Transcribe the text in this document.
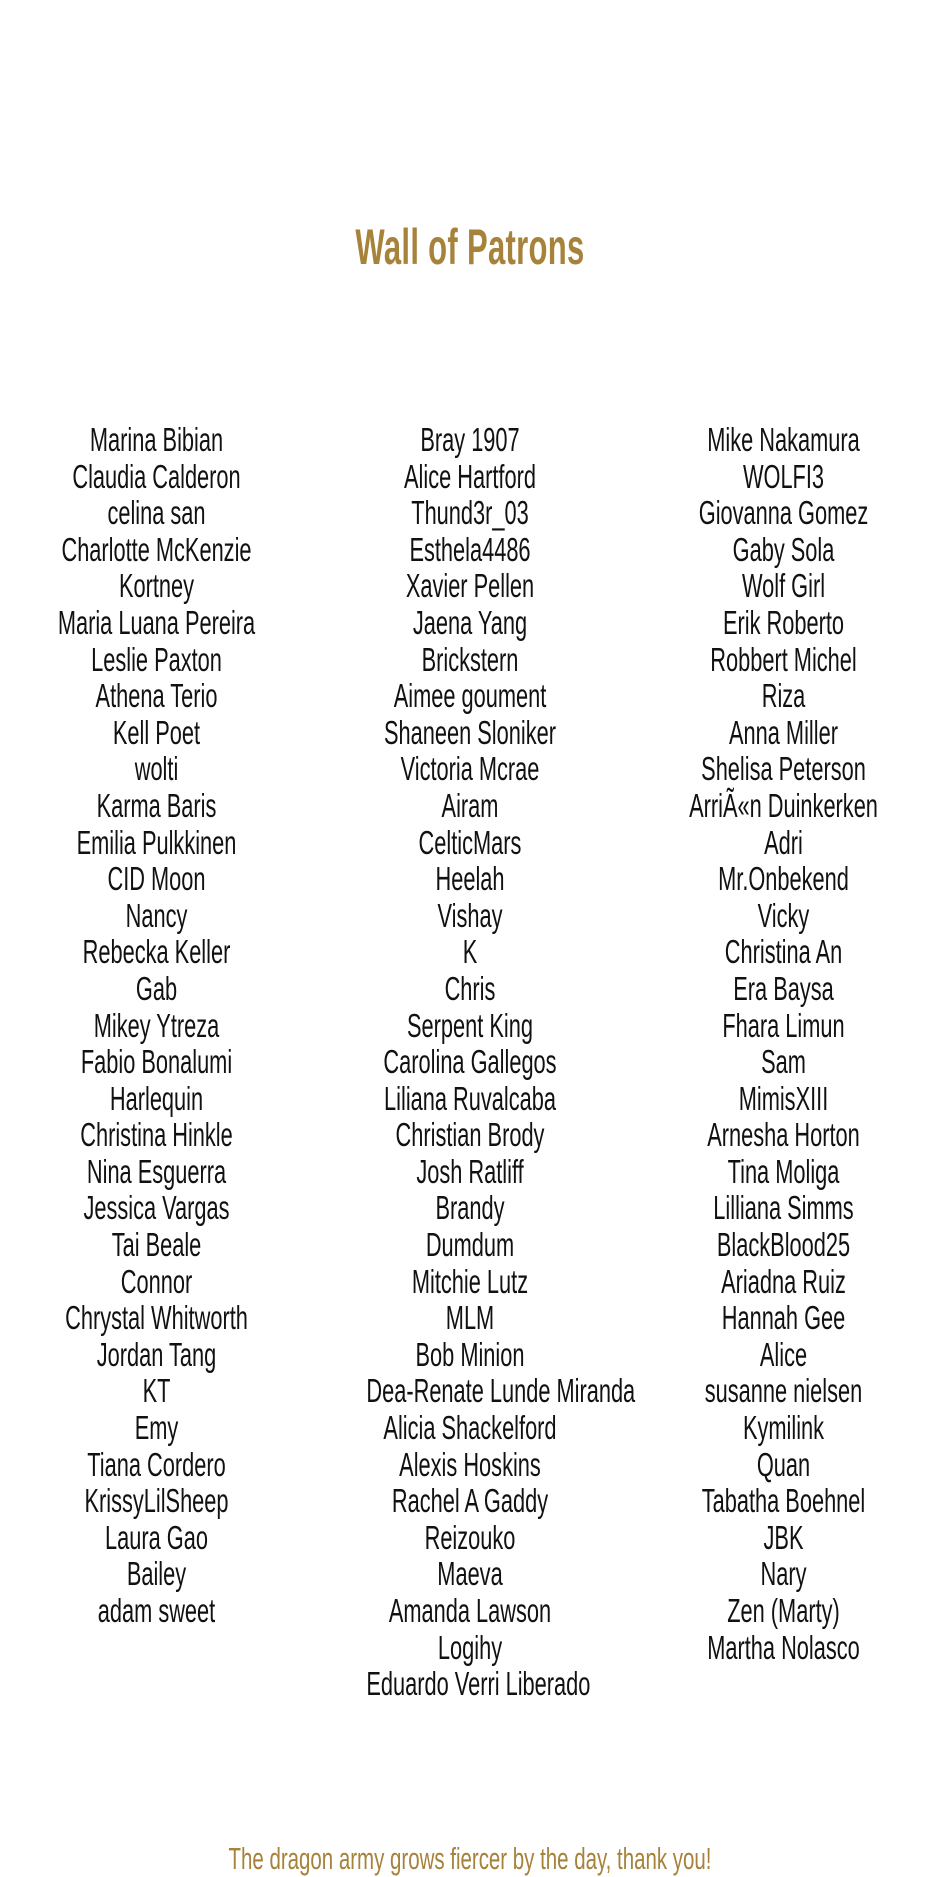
Wall of Patrons
Marina Bibian
Claudia Calderon
celina san
Charlotte McKenzie
Kortney
Maria Luana Pereira
Leslie Paxton
Athena Terio
Kell Poet
wolti
Karma Baris
Emilia Pulkkinen
CID Moon
Nancy
Rebecka Keller
Gab
Mikey Ytreza
Fabio Bonalumi
Harlequin
Christina Hinkle
Nina Esguerra
Jessica Vargas
Tai Beale
Connor
Chrystal Whitworth
Jordan Tang
KT
Emy
Tiana Cordero
KrissyLilSheep
Laura Gao
Bailey
adam sweet
Bray 1907
Alice Hartford
Thund3r_03
Esthela4486
Xavier Pellen
Jaena Yang
Brickstern
Aimee goument
Shaneen Sloniker
Victoria Mcrae
Airam
CelticMars
Heelah
Vishay
K
Chris
Serpent King
Carolina Gallegos
Liliana Ruvalcaba
Christian Brody
Josh Ratliff
Brandy
Dumdum
Mitchie Lutz
MLM
Bob Minion
Dea-Renate Lunde Miranda
Alicia Shackelford
Alexis Hoskins
Rachel A Gaddy
Reizouko
Maeva
Amanda Lawson
Logihy
Eduardo Verri Liberado
Mike Nakamura
WOLFI3
Giovanna Gomez
Gaby Sola
Wolf Girl
Erik Roberto
Robbert Michel
Riza
Anna Miller
Shelisa Peterson
ArriÃ«n Duinkerken
Adri
Mr.Onbekend
Vicky
Christina An
Era Baysa
Fhara Limun
Sam
MimisXIII
Arnesha Horton
Tina Moliga
Lilliana Simms
BlackBlood25
Ariadna Ruiz
Hannah Gee
Alice
susanne nielsen
Kymilink
Quan
Tabatha Boehnel
JBK
Nary
Zen (Marty)
Martha Nolasco
The dragon army grows fiercer by the day, thank you!
